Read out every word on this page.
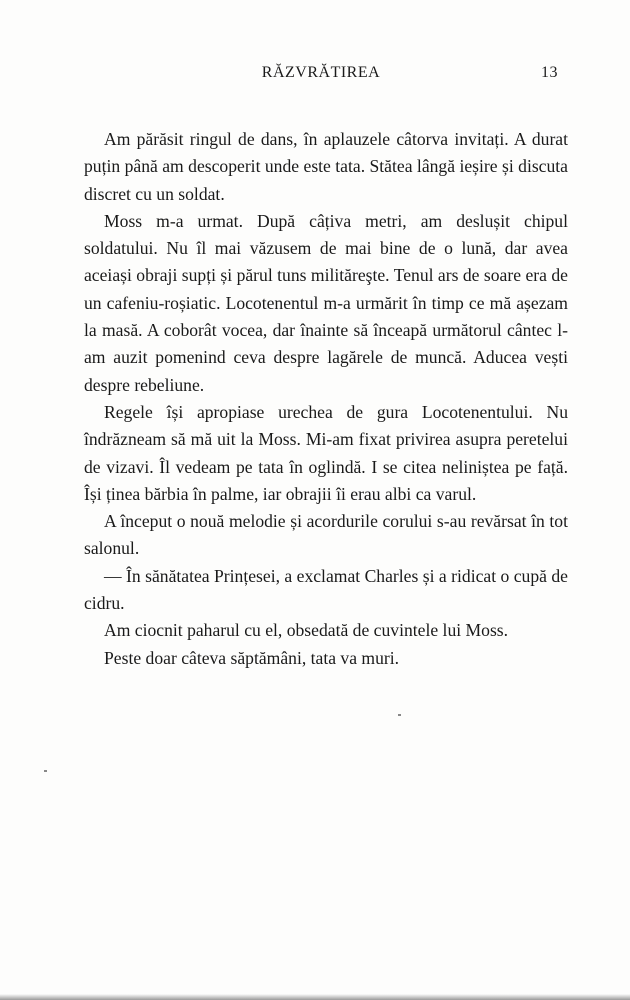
RĂZVRĂTIREA	13

Am părăsit ringul de dans, în aplauzele câtorva invitați. A durat puțin până am descoperit unde este tata. Stătea lângă ieșire și discuta discret cu un soldat.

Moss m-a urmat. După câțiva metri, am deslușit chipul soldatului. Nu îl mai văzusem de mai bine de o lună, dar avea aceiași obraji supți și părul tuns milităreşte. Tenul ars de soare era de un cafeniu-roșiatic. Locotenentul m-a urmărit în timp ce mă așezam la masă. A coborât vocea, dar înainte să înceapă următorul cântec l-am auzit pomenind ceva despre lagărele de muncă. Aducea vești despre rebeliune.

Regele își apropiase urechea de gura Locotenentului. Nu îndrăzneam să mă uit la Moss. Mi-am fixat privirea asupra peretelui de vizavi. Îl vedeam pe tata în oglindă. I se citea neliniștea pe față. Își ținea bărbia în palme, iar obrajii îi erau albi ca varul.

A început o nouă melodie și acordurile corului s-au revărsat în tot salonul.

— În sănătatea Prințesei, a exclamat Charles și a ridicat o cupă de cidru.

Am ciocnit paharul cu el, obsedată de cuvintele lui Moss.

Peste doar câteva săptămâni, tata va muri.
